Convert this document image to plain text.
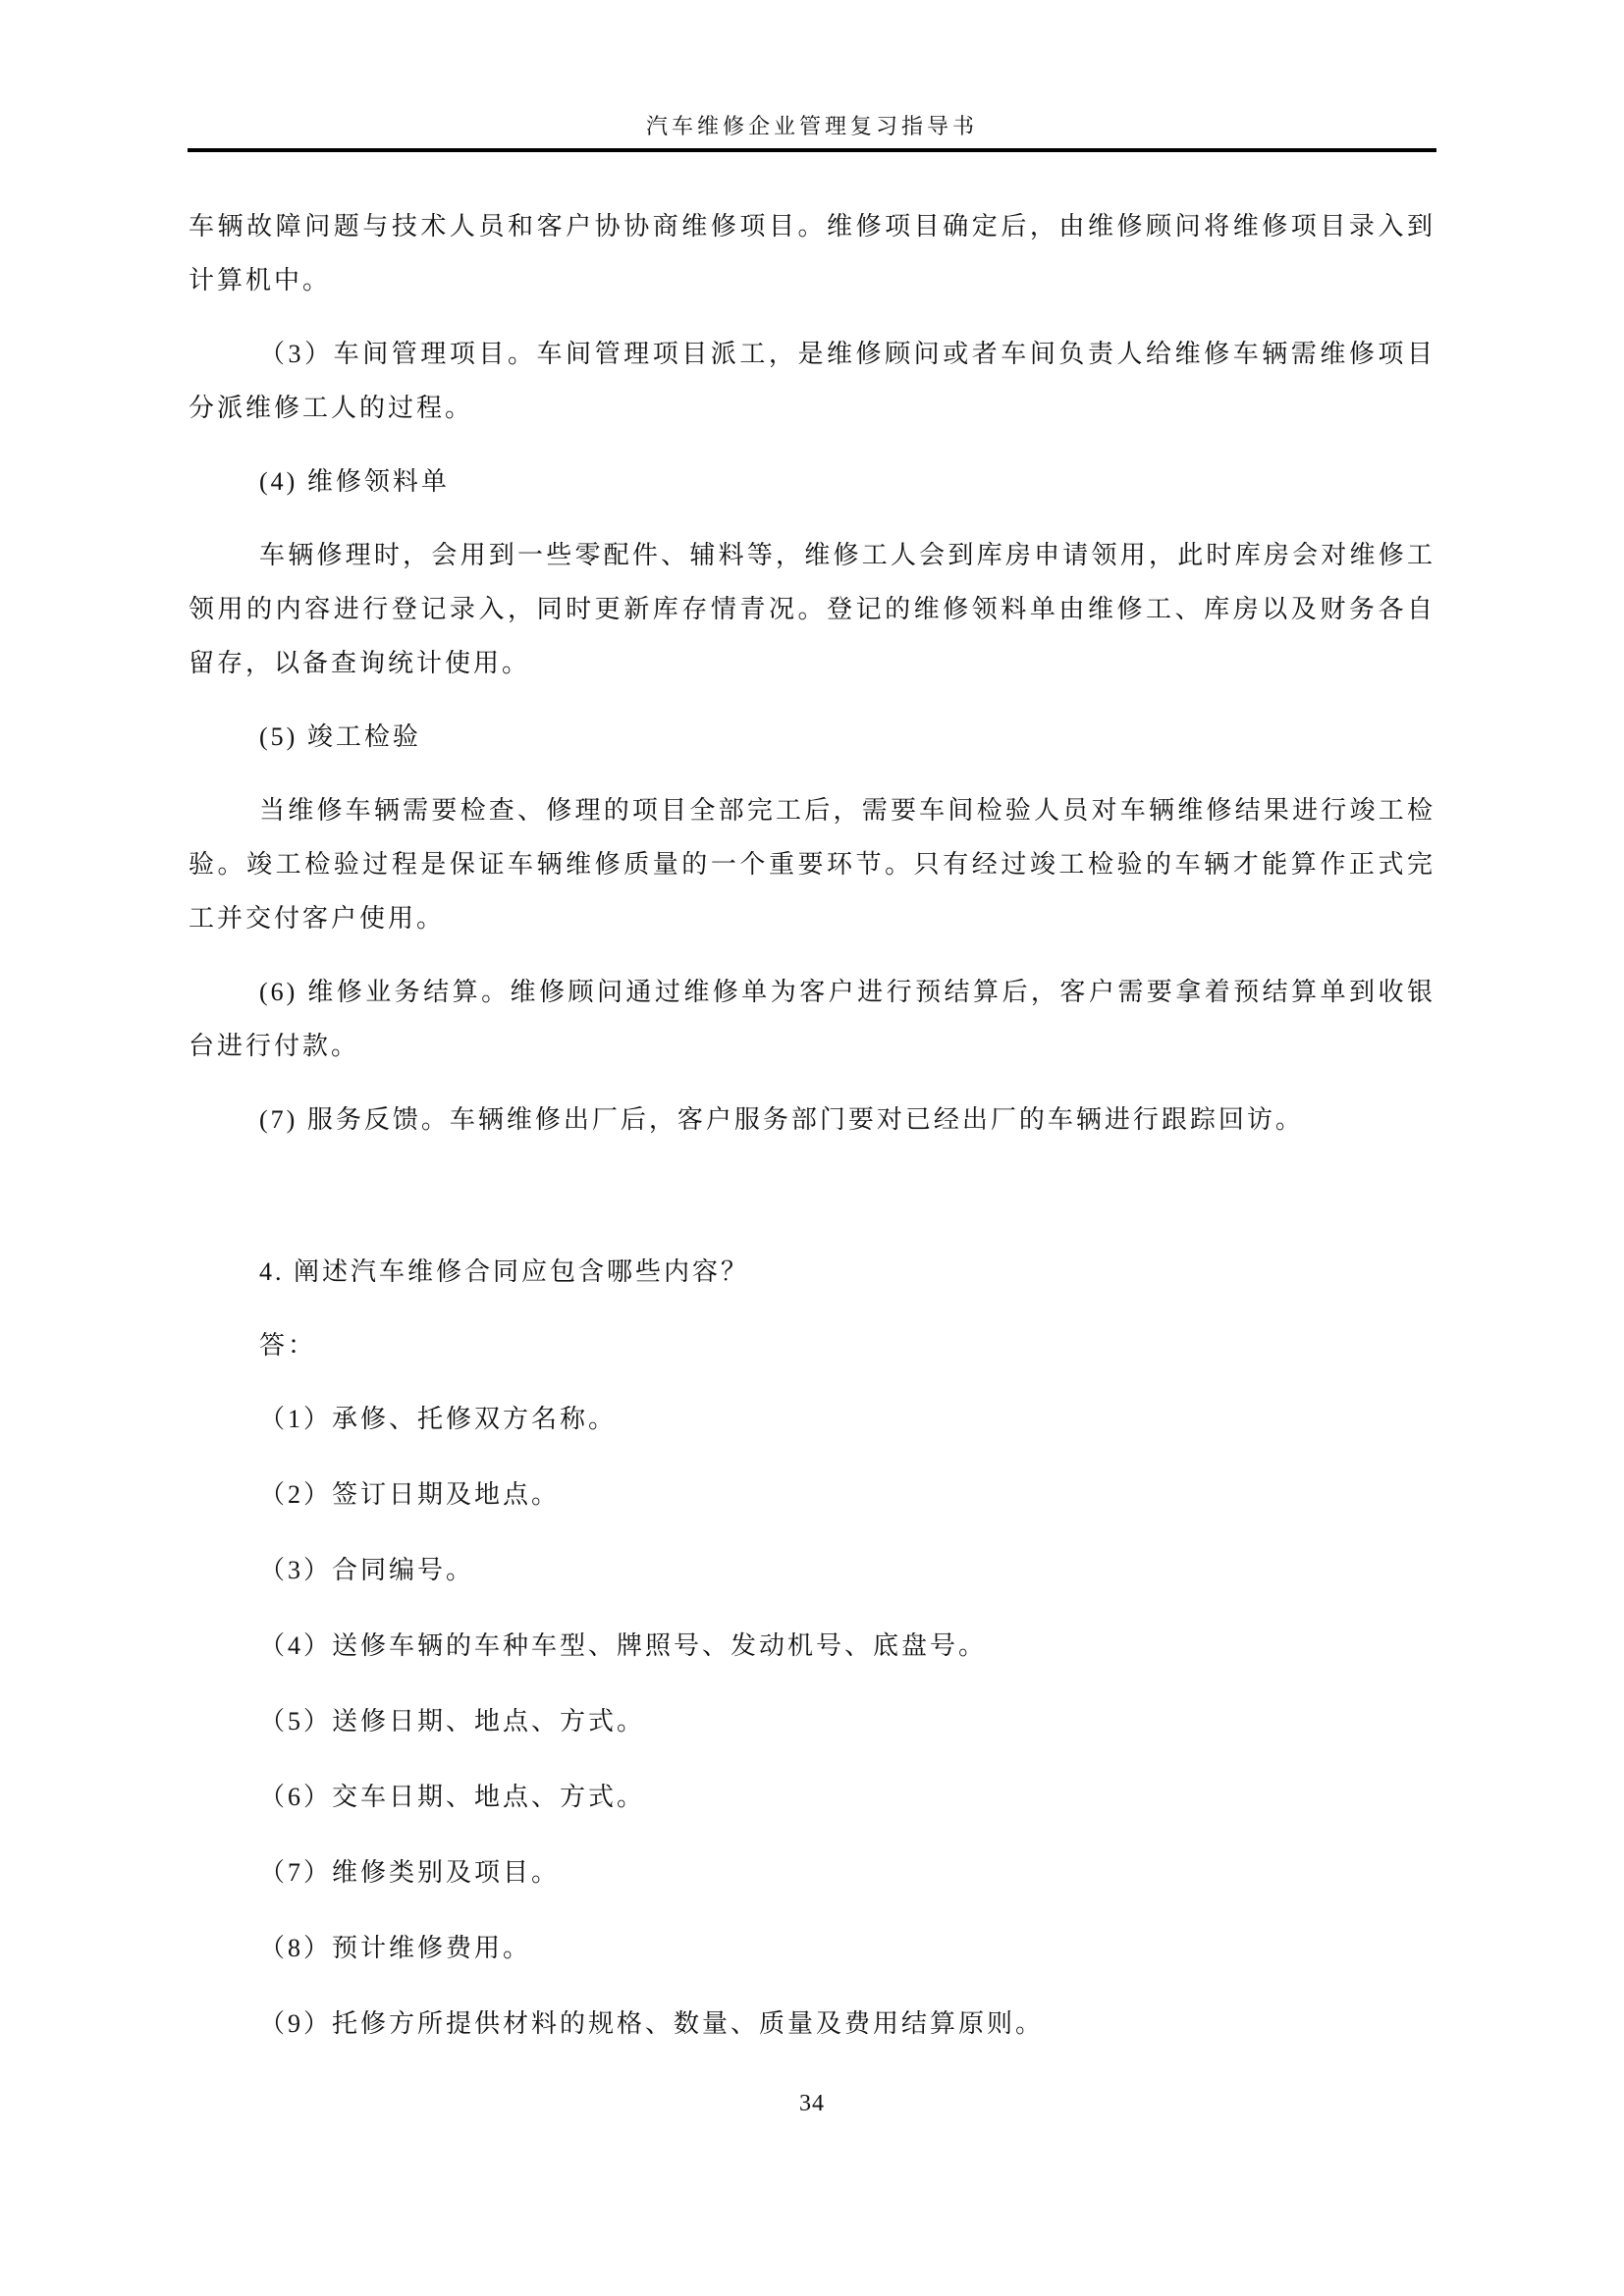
汽车维修企业管理复习指导书

车辆故障问题与技术人员和客户协协商维修项目。维修项目确定后，由维修顾问将维修项目录入到计算机中。

（3）车间管理项目。车间管理项目派工，是维修顾问或者车间负责人给维修车辆需维修项目分派维修工人的过程。

(4) 维修领料单

车辆修理时，会用到一些零配件、辅料等，维修工人会到库房申请领用，此时库房会对维修工领用的内容进行登记录入，同时更新库存情青况。登记的维修领料单由维修工、库房以及财务各自留存，以备查询统计使用。

(5) 竣工检验

当维修车辆需要检查、修理的项目全部完工后，需要车间检验人员对车辆维修结果进行竣工检验。竣工检验过程是保证车辆维修质量的一个重要环节。只有经过竣工检验的车辆才能算作正式完工并交付客户使用。

(6) 维修业务结算。维修顾问通过维修单为客户进行预结算后，客户需要拿着预结算单到收银台进行付款。

(7) 服务反馈。车辆维修出厂后，客户服务部门要对已经出厂的车辆进行跟踪回访。

4. 阐述汽车维修合同应包含哪些内容？

答：

（1）承修、托修双方名称。

（2）签订日期及地点。

（3）合同编号。

（4）送修车辆的车种车型、牌照号、发动机号、底盘号。

（5）送修日期、地点、方式。

（6）交车日期、地点、方式。

（7）维修类别及项目。

（8）预计维修费用。

（9）托修方所提供材料的规格、数量、质量及费用结算原则。

34
